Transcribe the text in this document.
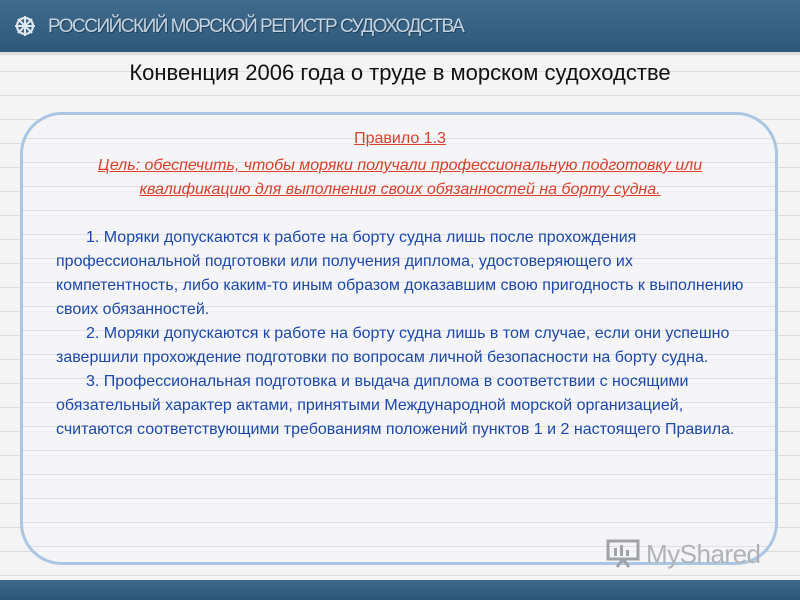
РОССИЙСКИЙ МОРСКОЙ РЕГИСТР СУДОХОДСТВА
Конвенция 2006 года о труде в морском судоходстве
Правило 1.3
Цель: обеспечить, чтобы моряки получали профессиональную подготовку или квалификацию для выполнения своих обязанностей на борту судна.

1. Моряки допускаются к работе на борту судна лишь после прохождения профессиональной подготовки или получения диплома, удостоверяющего их компетентность, либо каким-то иным образом доказавшим свою пригодность к выполнению своих обязанностей.

2. Моряки допускаются к работе на борту судна лишь в том случае, если они успешно завершили прохождение подготовки по вопросам личной безопасности на борту судна.

3. Профессиональная подготовка и выдача диплома в соответствии с носящими обязательный характер актами, принятыми Международной морской организацией, считаются соответствующими требованиям положений пунктов 1 и 2 настоящего Правила.

MyShared
